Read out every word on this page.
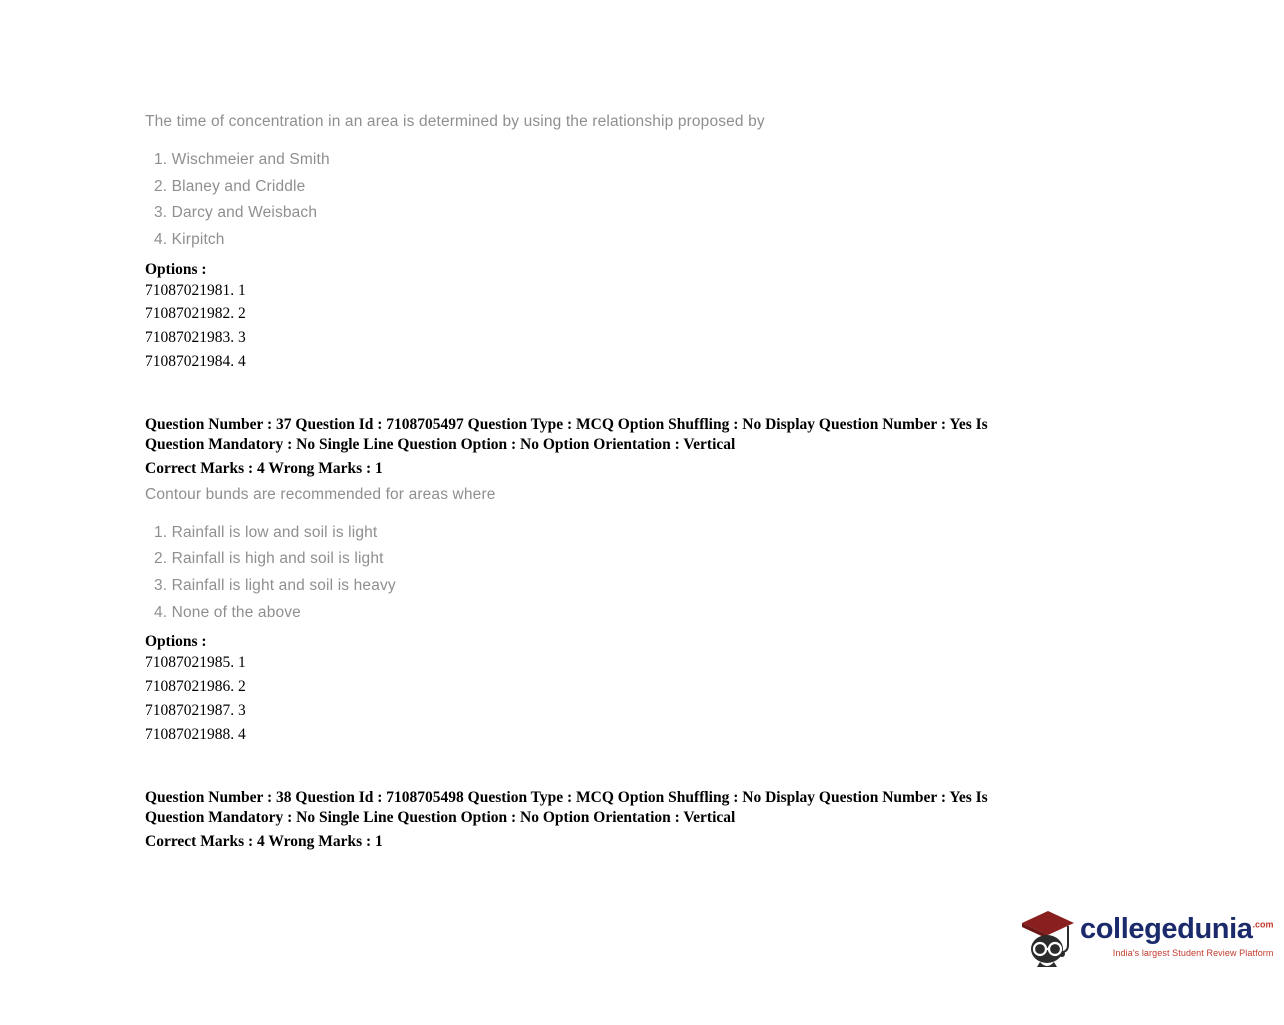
The time of concentration in an area is determined by using the relationship proposed by

1. Wischmeier and Smith
2. Blaney and Criddle
3. Darcy and Weisbach
4. Kirpitch
Options :
71087021981. 1
71087021982. 2
71087021983. 3
71087021984. 4

Question Number : 37 Question Id : 7108705497 Question Type : MCQ Option Shuffling : No Display Question Number : Yes Is

Question Mandatory : No Single Line Question Option : No Option Orientation : Vertical

Correct Marks : 4 Wrong Marks : 1

Contour bunds are recommended for areas where

1. Rainfall is low and soil is light
2. Rainfall is high and soil is light
3. Rainfall is light and soil is heavy
4. None of the above
Options :
71087021985. 1
71087021986. 2
71087021987. 3
71087021988. 4

Question Number : 38 Question Id : 7108705498 Question Type : MCQ Option Shuffling : No Display Question Number : Yes Is

Question Mandatory : No Single Line Question Option : No Option Orientation : Vertical

Correct Marks : 4 Wrong Marks : 1

collegedunia$^{.com}$
India's largest Student Review Platform
